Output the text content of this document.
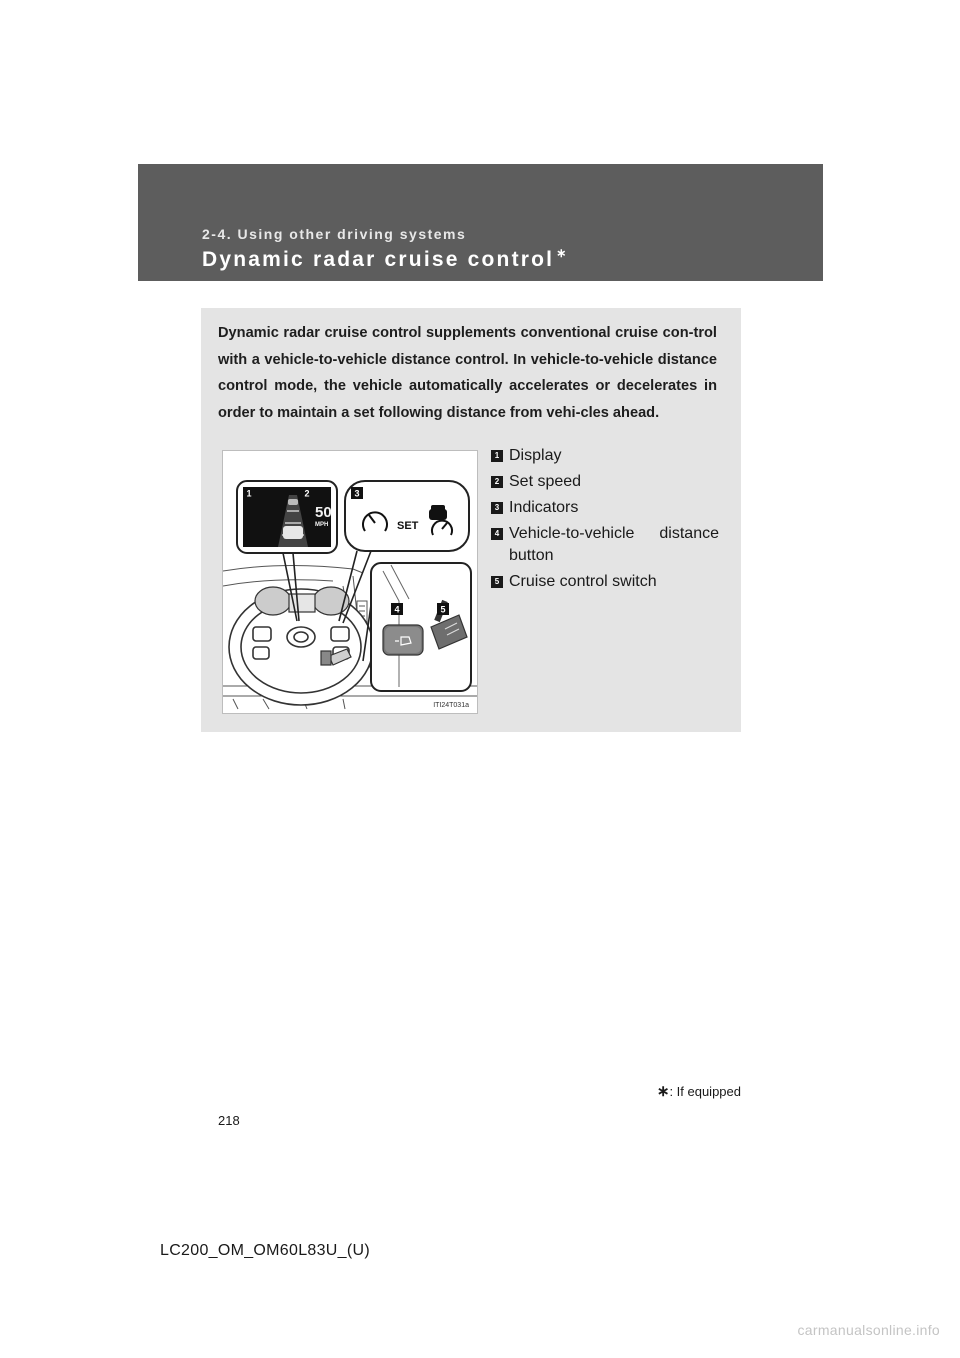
2-4. Using other driving systems

Dynamic radar cruise control ∗

Dynamic radar cruise control supplements conventional cruise con-trol with a vehicle-to-vehicle distance control. In vehicle-to-vehicle distance control mode, the vehicle automatically accelerates or decelerates in order to maintain a set following distance from vehi-cles ahead.

50
MPH	SET
1	2	3
4	5
ITI24T031a
1 Display
2 Set speed
3 Indicators
4 Vehicle-to-vehicle distance button
5 Cruise control switch
∗: If equipped
218
LC200_OM_OM60L83U_(U)
carmanualsonline.info
